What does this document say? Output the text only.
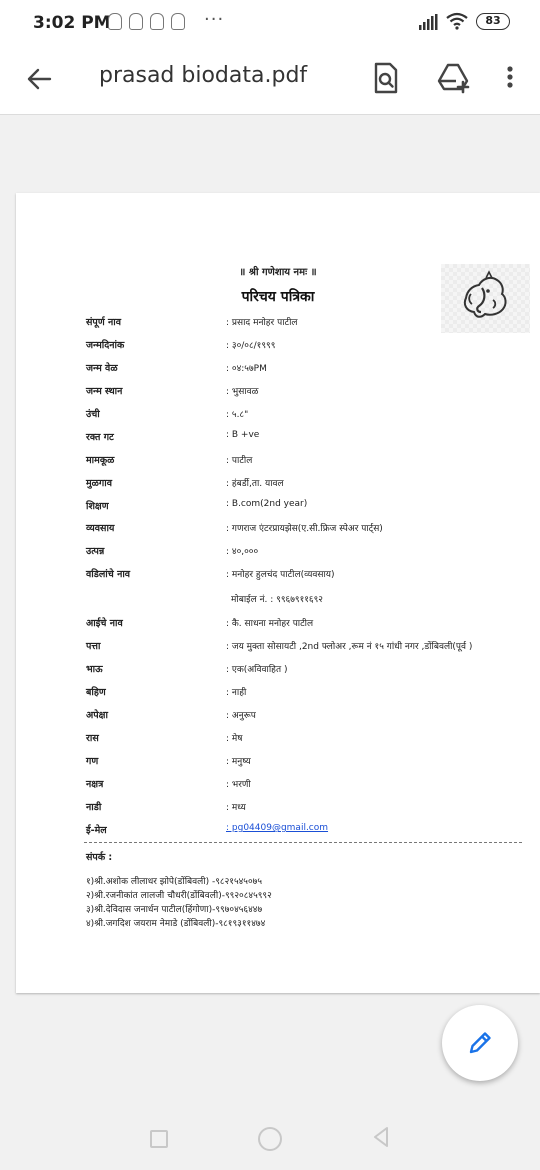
3:02 PM	···	83
prasad biodata.pdf
॥ श्री गणेशाय नमः ॥
परिचय पत्रिका
संपूर्ण नाव	: प्रसाद मनोहर पाटील
जन्मदिनांक	: ३०/०८/१९९९
जन्म वेळ	: ०४:५७PM
जन्म स्थान	: भुसावळ
उंची	: ५.८"
रक्त गट	: B +ve
मामकूळ	: पाटील
मुळगाव	: हंबर्डी,ता. यावल
शिक्षण	: B.com(2nd year)
व्यवसाय	: गणराज एंटरप्रायझेस(ए.सी.फ्रिज स्पेअर पार्ट्स)
उत्पन्न	: ४०,०००
वडिलांचे नाव	: मनोहर हुलचंद पाटील(व्यवसाय)
मोबाईल नं. : ९९६७९११६९२
आईचे नाव	: कै. साधना मनोहर पाटील
पत्ता	: जय मुक्ता सोसायटी ,2nd फ्लोअर ,रूम नं १५ गांधी नगर ,डोंबिवली(पूर्व )
भाऊ	: एक(अविवाहित )
बहिण	: नाही
अपेक्षा	: अनुरूप
रास	: मेष
गण	: मनुष्य
नक्षत्र	: भरणी
नाडी	: मध्य
ई-मेल	: pg04409@gmail.com
संपर्क :
१)श्री.अशोक लीलाधर झोपे(डोंबिवली) -९८२१५४५०७५
२)श्री.रजनीकांत लालजी चौधरी(डोंबिवली)-९९२०८४५९९२
३)श्री.देविदास जनार्धन पाटील(हिंगोणा)-९९७०४५६४४७
४)श्री.जगदिश जयराम नेमाडे (डोंबिवली)-९८१९३११४७४
